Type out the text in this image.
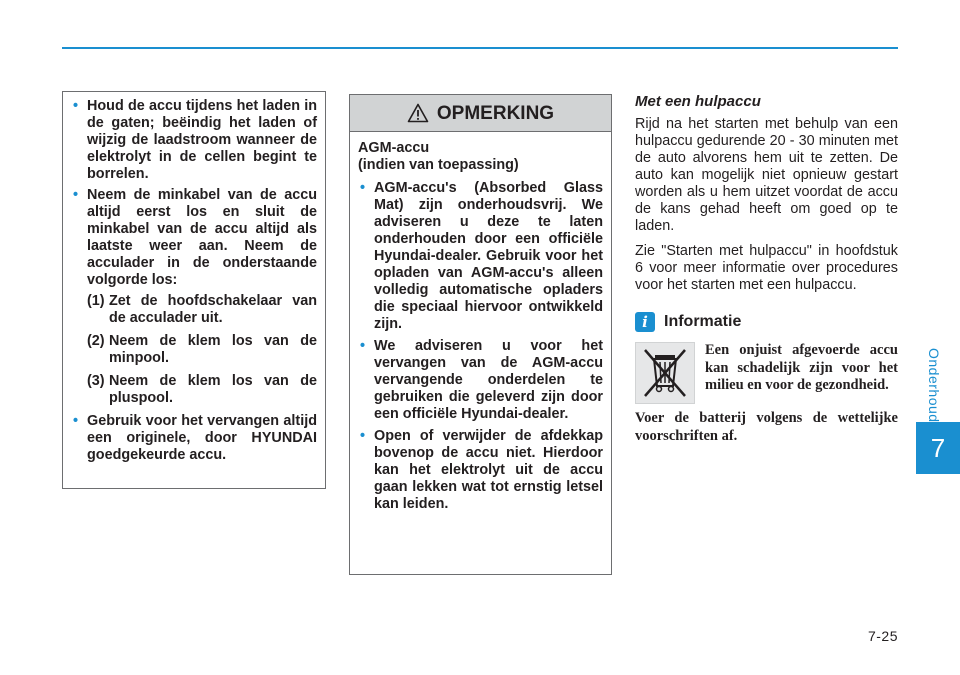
Onderhoud
7
• Houd de accu tijdens het laden in de gaten; beëindig het laden of wijzig de laadstroom wanneer de elektrolyt in de cellen begint te borrelen.
• Neem de minkabel van de accu altijd eerst los en sluit de minkabel van de accu altijd als laatste weer aan. Neem de acculader in de onderstaande volgorde los:
(1) Zet de hoofdschakelaar van de acculader uit.
(2) Neem de klem los van de minpool.
(3) Neem de klem los van de pluspool.
• Gebruik voor het vervangen altijd een originele, door HYUNDAI goedgekeurde accu.
OPMERKING
AGM-accu
(indien van toepassing)
• AGM-accu's (Absorbed Glass Mat) zijn onderhoudsvrij. We adviseren u deze te laten onderhouden door een officiële Hyundai-dealer. Gebruik voor het opladen van AGM-accu's alleen volledig automatische opladers die speciaal hiervoor ontwikkeld zijn.
• We adviseren u voor het vervangen van de AGM-accu vervangende onderdelen te gebruiken die geleverd zijn door een officiële Hyundai-dealer.
• Open of verwijder de afdekkap bovenop de accu niet. Hierdoor kan het elektrolyt uit de accu gaan lekken wat tot ernstig letsel kan leiden.
Met een hulpaccu

Rijd na het starten met behulp van een hulpaccu gedurende 20 - 30 minuten met de auto alvorens hem uit te zetten. De auto kan mogelijk niet opnieuw gestart worden als u hem uitzet voordat de accu de kans gehad heeft om goed op te laden.

Zie "Starten met hulpaccu" in hoofdstuk 6 voor meer informatie over procedures voor het starten met een hulpaccu.

i	Informatie
Een onjuist afgevoerde accu kan schadelijk zijn voor het milieu en voor de gezondheid.
Voer de batterij volgens de wettelijke voorschriften af.
7-25
